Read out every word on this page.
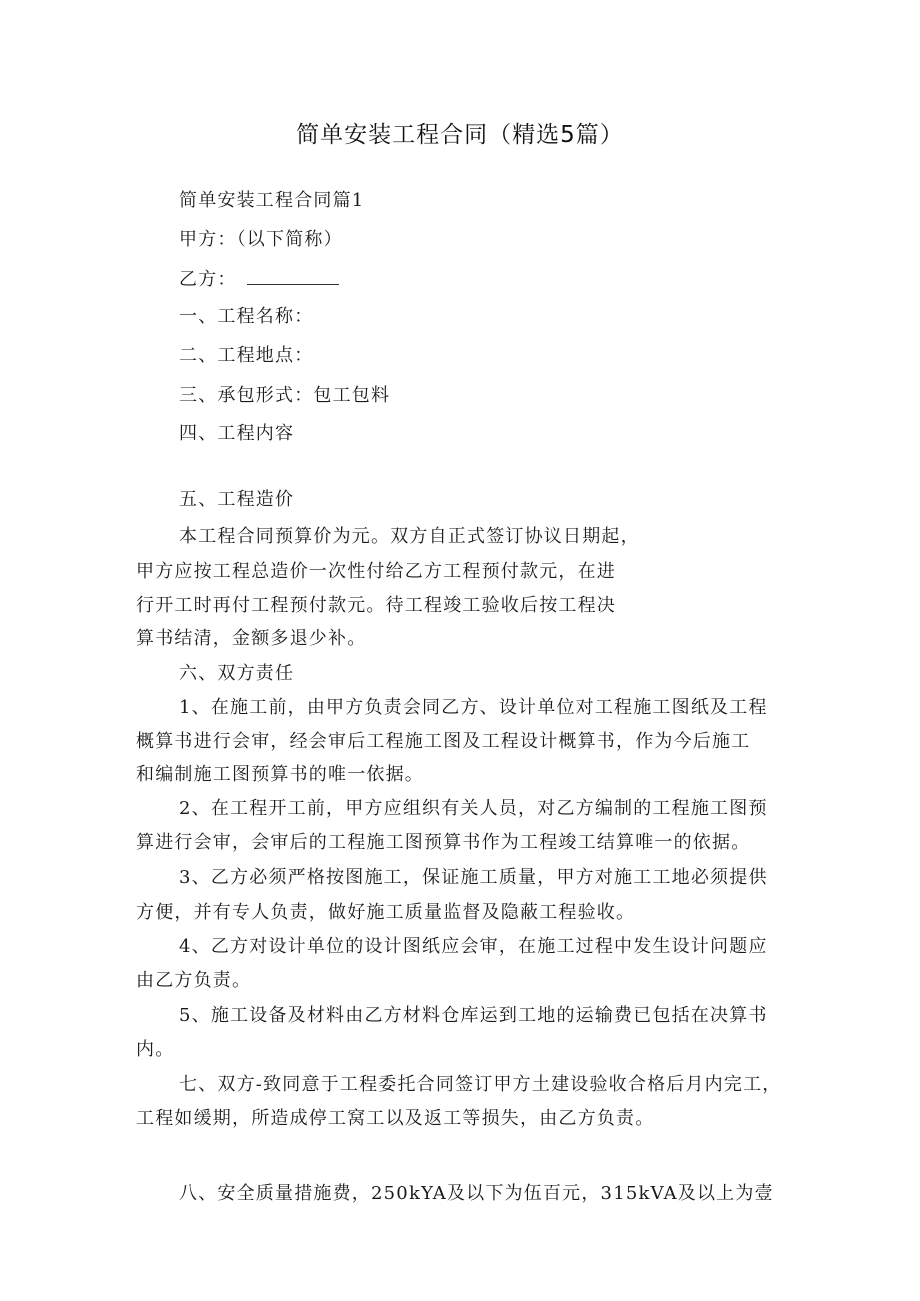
简单安装工程合同（精选5篇）
简单安装工程合同篇1
甲方：（以下简称）
乙方：
一、工程名称：
二、工程地点：
三、承包形式：包工包料
四、工程内容
五、工程造价
本工程合同预算价为元。双方自正式签订协议日期起，
甲方应按工程总造价一次性付给乙方工程预付款元，在进
行开工时再付工程预付款元。待工程竣工验收后按工程决
算书结清，金额多退少补。
六、双方责任
1、在施工前，由甲方负责会同乙方、设计单位对工程施工图纸及工程
概算书进行会审，经会审后工程施工图及工程设计概算书，作为今后施工
和编制施工图预算书的唯一依据。
2、在工程开工前，甲方应组织有关人员，对乙方编制的工程施工图预
算进行会审，会审后的工程施工图预算书作为工程竣工结算唯一的依据。
3、乙方必须严格按图施工，保证施工质量，甲方对施工工地必须提供
方便，并有专人负责，做好施工质量监督及隐蔽工程验收。
4、乙方对设计单位的设计图纸应会审，在施工过程中发生设计问题应
由乙方负责。
5、施工设备及材料由乙方材料仓库运到工地的运输费已包括在决算书
内。
七、双方-致同意于工程委托合同签订甲方土建设验收合格后月内完工，
工程如缓期，所造成停工窝工以及返工等损失，由乙方负责。
八、安全质量措施费，250kYA及以下为伍百元，315kVA及以上为壹
